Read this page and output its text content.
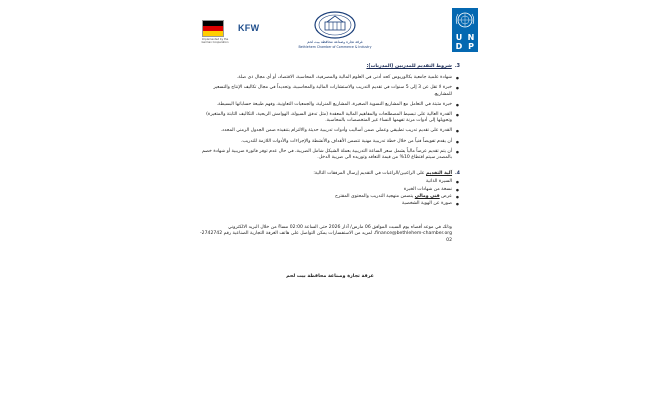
Implemented by the German Cooperation
KFW
غرفة تجارة وصناعة محافظة بيت لحم
Bethlehem Chamber of Commerce & Industry
U N
D P
3.شروط التقديم للمدربين (المدربات):
● شهادة علمية جامعية بكالوريوس كحد أدنى في العلوم المالية والمصرفية، المحاسبة، الاقتصاد، أو أي مجال ذي صلة.
● خبرة لا تقل عن 3 إلى 5 سنوات في تقديم التدريب والاستشارات المالية والمحاسبية، وتحديداً في مجال تكاليف الإنتاج والتسعير للمشاريع.
● خبرة مثبتة في التعامل مع المشاريع النسوية الصغيرة، المشاريع المنزلية، والجمعيات التعاونية، وفهم طبيعة حساباتها البسيطة.
● القدرة العالية على تبسيط المصطلحات والمفاهيم المالية المعقدة (مثل تدفق السيولة، الهوامش الربحية، التكاليف الثابتة والمتغيرة) وتحويلها إلى أدوات مرنة تفهمها النساء غير المتخصصات بالمحاسبة.
● القدرة على تقديم تدريب تطبيقي وعملي ضمن أساليب وأدوات تدريبية حديثة والالتزام بتنفيذه ضمن الجدول الزمني المحدد.
● أن يقدم تفويضاً فنياً من خلال خطة تدريبية مهنية تتضمن الأهداف والأنشطة والإجراءات والأدوات اللازمة للتدريب.
● أن يتم تقديم عرضاً مالياً يشمل سعر الساعة التدريبية بعملة الشيكل شامل الضريبة، في حال عدم توفر فاتورة ضريبية أو شهادة خصم بالمصدر سيتم اقتطاع 10% من قيمة التعاقد وتوريده الى ضريبة الدخل.
4.آلية التقديم على الراغبين/الراغبات في التقديم إرسال المرفقات التالية:
● السيرة الذاتية
● نسخة من شهادات الخبرة
● عرض فني ومالي يتضمن منهجية التدريب والمحتوى المقترح
● صورة عن الهوية الشخصية
وذلك في موعد أقصاه يوم السبت الموافق 06 مارس/ آذار 2026 حتى الساعة 02:00 مساءً من خلال البريد الالكتروني finance@bethlehem-chamber.org، لمزيد من الاستفسارات يمكن التواصل على هاتف الغرفة التجارية الصناعية رقم 2742742-02
غرفة تجارة وصناعة محافظة بيت لحم
